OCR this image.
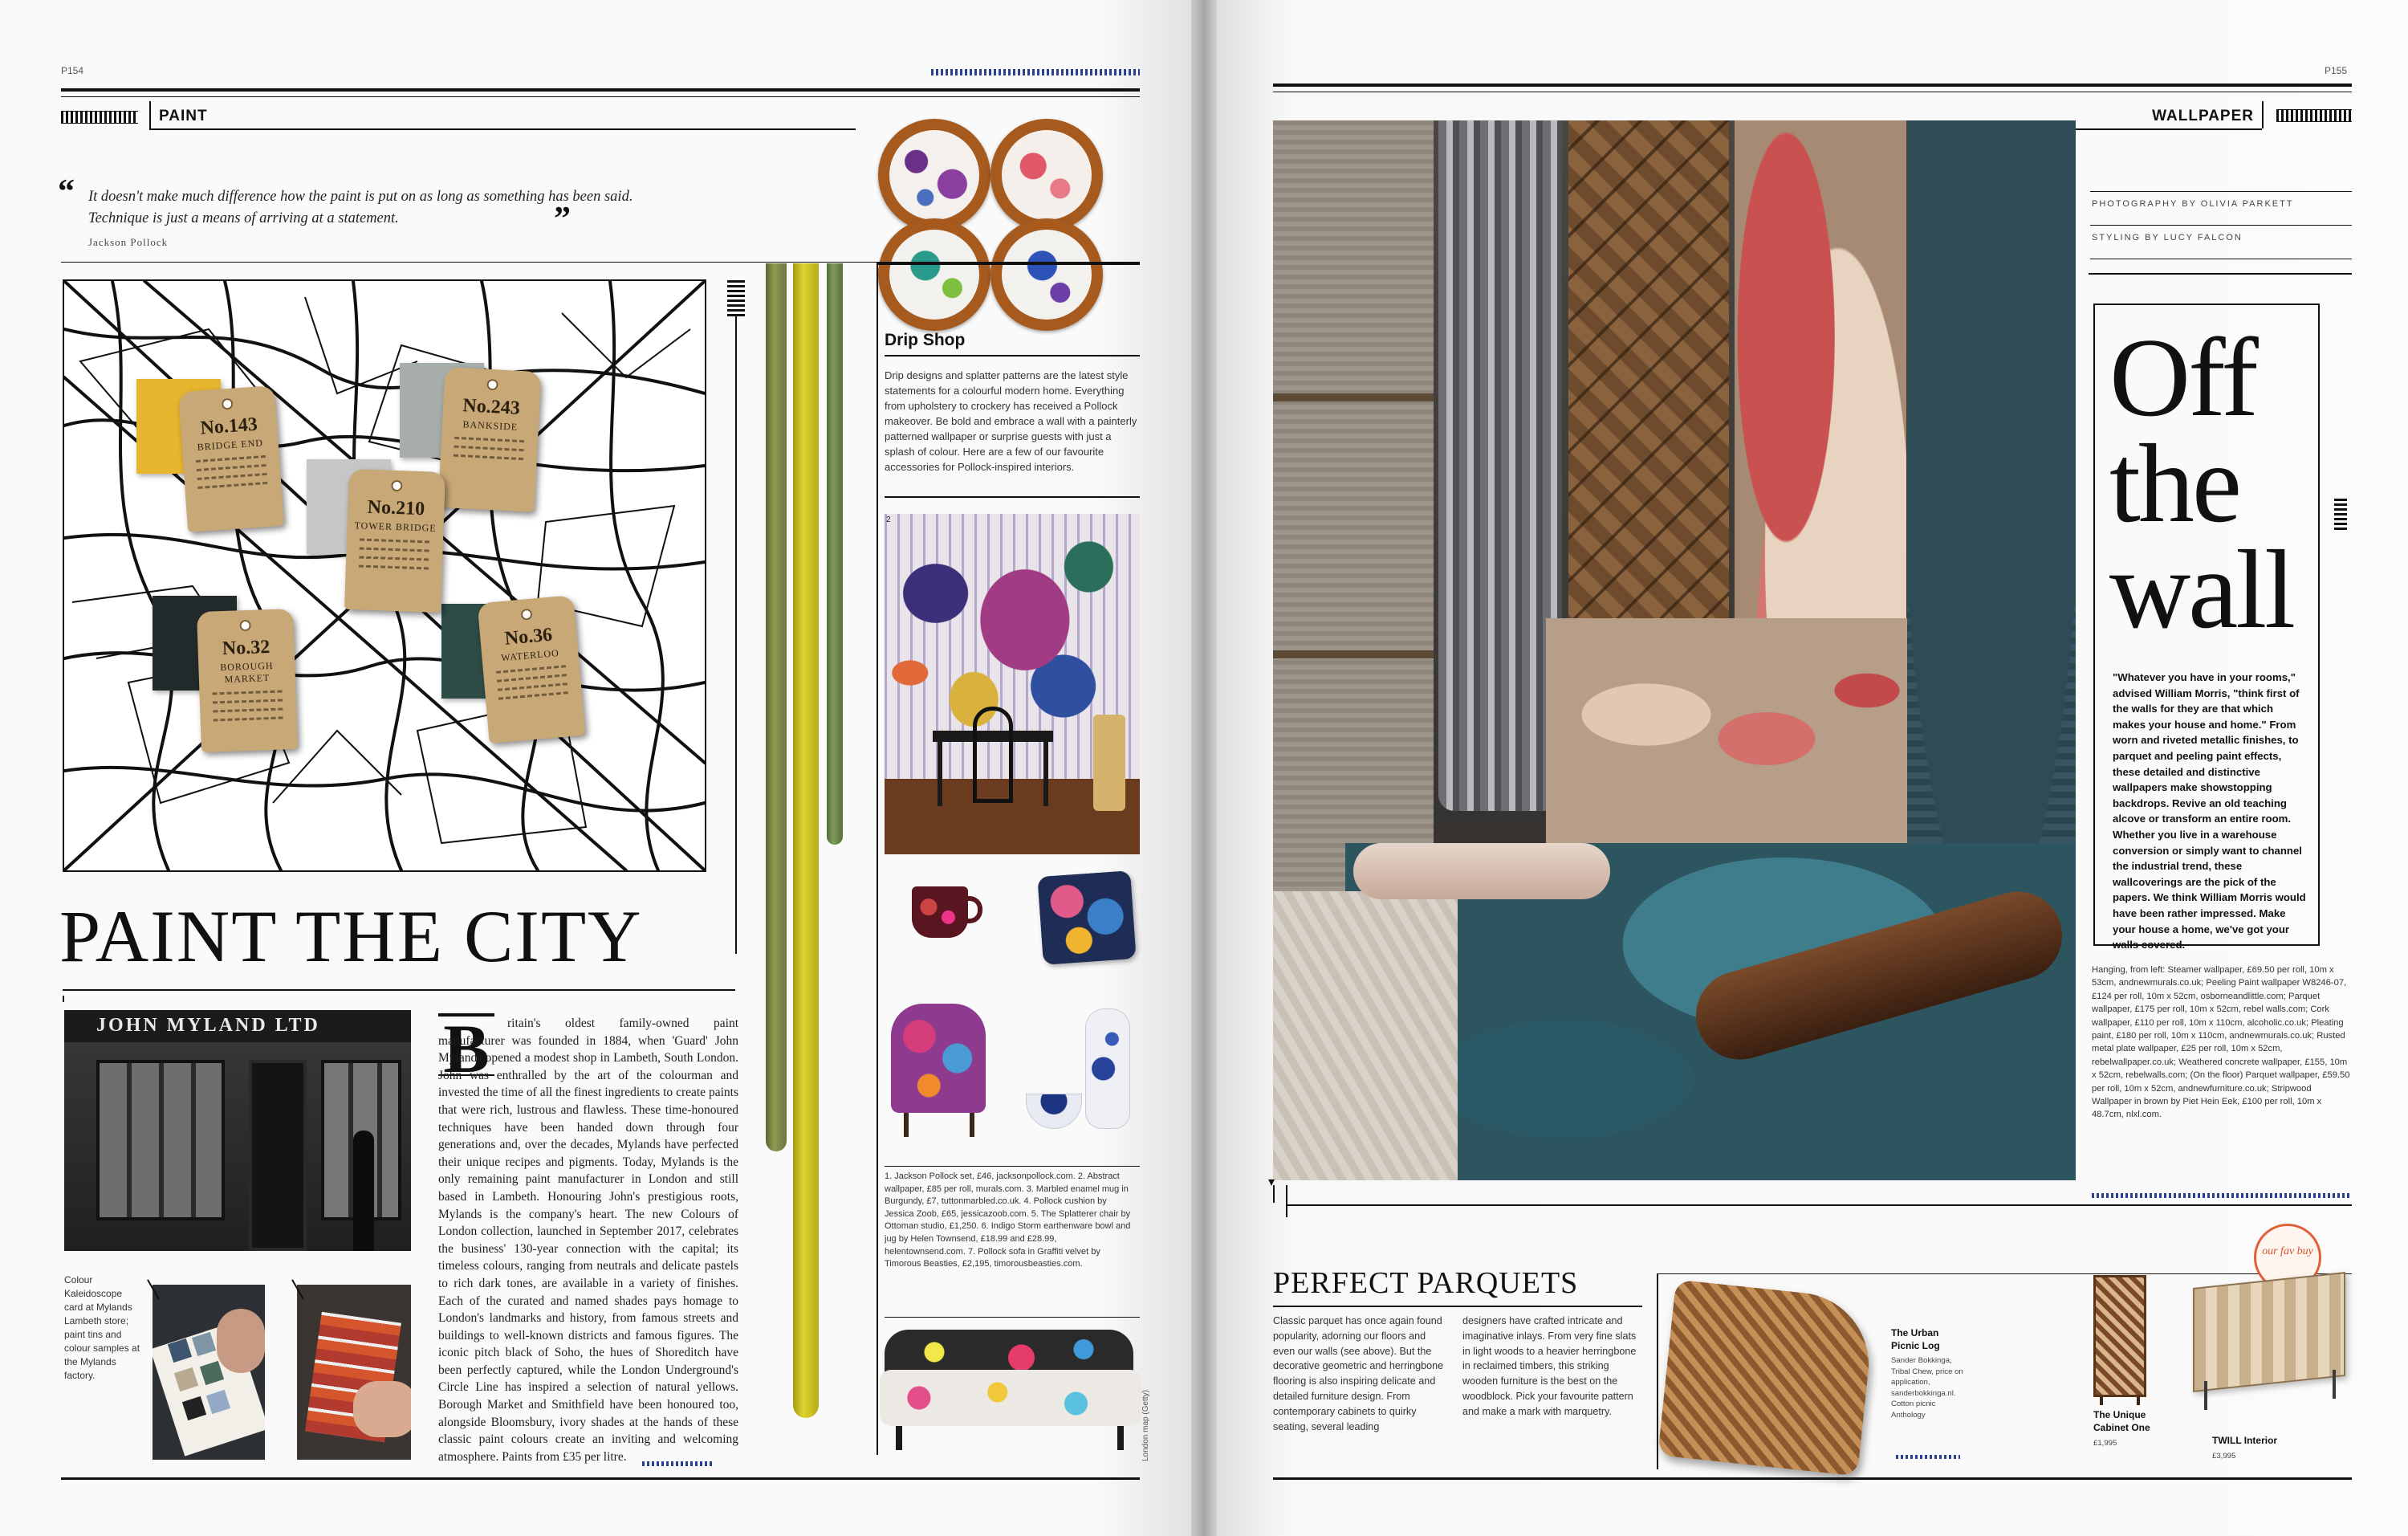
P154
PAINT
“ It doesn't make much difference how the paint is put on as long as something has been said. Technique is just a means of arriving at a statement.	”
Jackson Pollock
No.143
BRIDGE END
No.243
BANKSIDE
No.210
TOWER BRIDGE
No.32
BOROUGH MARKET
No.36
WATERLOO
PAINT THE CITY
JOHN MYLAND LTD
Colour Kaleidoscope card at Mylands Lambeth store; paint tins and colour samples at the Mylands factory.
B	ritain's oldest family-owned paint manufacturer was founded in 1884, when 'Guard' John Mylands opened a modest shop in Lambeth, South London. John was enthralled by the art of the colourman and invested the time of all the finest ingredients to create paints that were rich, lustrous and flawless. These time-honoured techniques have been handed down through four generations and, over the decades, Mylands have perfected their unique recipes and pigments. Today, Mylands is the only remaining paint manufacturer in London and still based in Lambeth. Honouring John's prestigious roots, Mylands is the company's heart. The new Colours of London collection, launched in September 2017, celebrates the business' 130-year connection with the capital; its timeless colours, ranging from neutrals and delicate pastels to rich dark tones, are available in a variety of finishes. Each of the curated and named shades pays homage to London's landmarks and history, from famous streets and buildings to well-known districts and famous figures. The iconic pitch black of Soho, the hues of Shoreditch have been perfectly captured, while the London Underground's Circle Line has inspired a selection of natural yellows. Borough Market and Smithfield have been honoured too, alongside Bloomsbury, ivory shades at the hands of these classic paint colours create an inviting and welcoming atmosphere. Paints from £35 per litre.
Drip Shop
Drip designs and splatter patterns are the latest style statements for a colourful modern home. Everything from upholstery to crockery has received a Pollock makeover. Be bold and embrace a wall with a painterly patterned wallpaper or surprise guests with just a splash of colour. Here are a few of our favourite accessories for Pollock-inspired interiors.
2
1. Jackson Pollock set, £46, jacksonpollock.com. 2. Abstract wallpaper, £85 per roll, murals.com. 3. Marbled enamel mug in Burgundy, £7, tuttonmarbled.co.uk. 4. Pollock cushion by Jessica Zoob, £65, jessicazoob.com. 5. The Splatterer chair by Ottoman studio, £1,250. 6. Indigo Storm earthenware bowl and jug by Helen Townsend, £18.99 and £28.99, helentownsend.com. 7. Pollock sofa in Graffiti velvet by Timorous Beasties, £2,195, timorousbeasties.com.
London map (Getty)
P155
WALLPAPER
▾
PHOTOGRAPHY BY OLIVIA PARKETT
STYLING BY LUCY FALCON
Off
the
wall
"Whatever you have in your rooms," advised William Morris, "think first of the walls for they are that which makes your house and home." From worn and riveted metallic finishes, to parquet and peeling paint effects, these detailed and distinctive wallpapers make showstopping backdrops. Revive an old teaching alcove or transform an entire room. Whether you live in a warehouse conversion or simply want to channel the industrial trend, these wallcoverings are the pick of the papers. We think William Morris would have been rather impressed. Make your house a home, we've got your walls covered.
Hanging, from left: Steamer wallpaper, £69.50 per roll, 10m x 53cm, andnewmurals.co.uk; Peeling Paint wallpaper W8246-07, £124 per roll, 10m x 52cm, osborneandlittle.com; Parquet wallpaper, £175 per roll, 10m x 52cm, rebel walls.com; Cork wallpaper, £110 per roll, 10m x 110cm, alcoholic.co.uk; Pleating paint, £180 per roll, 10m x 110cm, andnewmurals.co.uk; Rusted metal plate wallpaper, £25 per roll, 10m x 52cm, rebelwallpaper.co.uk; Weathered concrete wallpaper, £155, 10m x 52cm, rebelwalls.com; (On the floor) Parquet wallpaper, £59.50 per roll, 10m x 52cm, andnewfurniture.co.uk; Stripwood Wallpaper in brown by Piet Hein Eek, £100 per roll, 10m x 48.7cm, nlxl.com.
PERFECT PARQUETS
Classic parquet has once again found popularity, adorning our floors and even our walls (see above). But the decorative geometric and herringbone flooring is also inspiring delicate and detailed furniture design. From contemporary cabinets to quirky seating, several leading
designers have crafted intricate and imaginative inlays. From very fine slats in light woods to a heavier herringbone in reclaimed timbers, this striking wooden furniture is the best on the woodblock. Pick your favourite pattern and make a mark with marquetry.
The Urban Picnic Log
Sander Bokkinga, Tribal Chew, price on application, sanderbokkinga.nl. Cotton picnic Anthology	The Unique Cabinet One
£1,995
our fav buy
TWILL Interior
£3,995
